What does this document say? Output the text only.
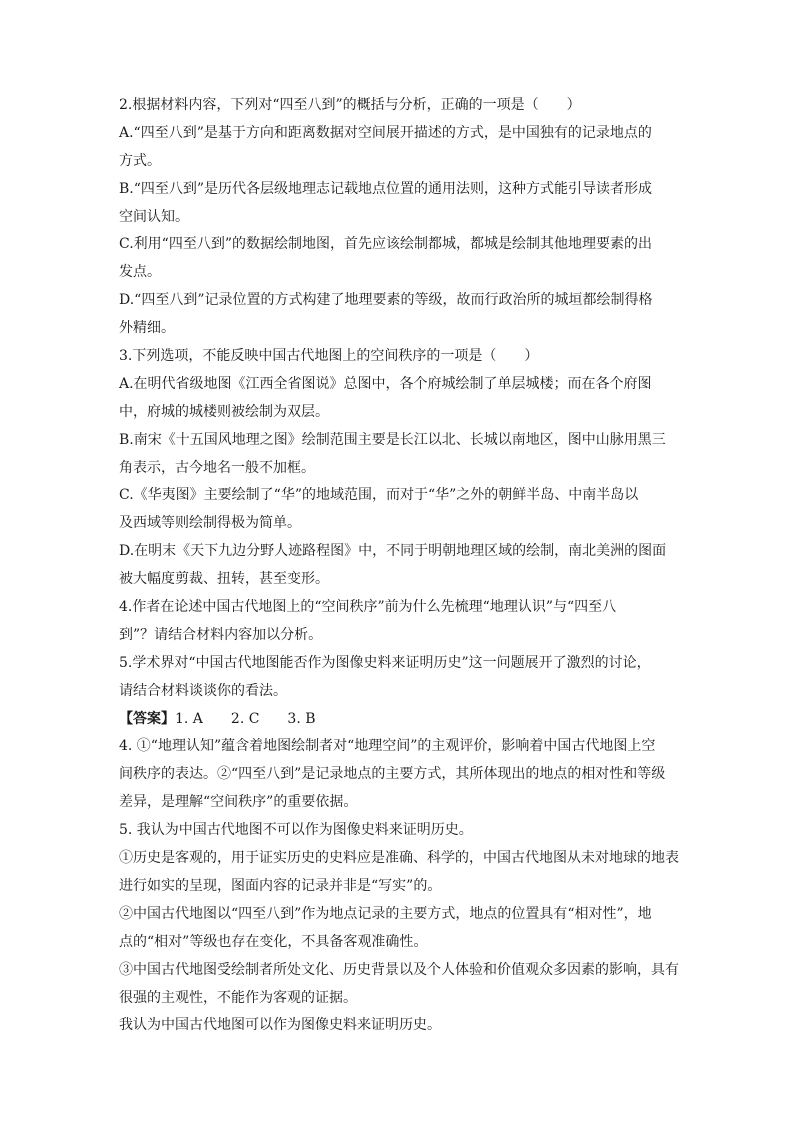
2.根据材料内容，下列对“四至八到”的概括与分析，正确的一项是（　　）
A.“四至八到”是基于方向和距离数据对空间展开描述的方式，是中国独有的记录地点的
方式。
B.“四至八到”是历代各层级地理志记载地点位置的通用法则，这种方式能引导读者形成
空间认知。
C.利用“四至八到”的数据绘制地图，首先应该绘制都城，都城是绘制其他地理要素的出
发点。
D.“四至八到”记录位置的方式构建了地理要素的等级，故而行政治所的城垣都绘制得格
外精细。
3.下列选项，不能反映中国古代地图上的空间秩序的一项是（　　）
A.在明代省级地图《江西全省图说》总图中，各个府城绘制了单层城楼；而在各个府图
中，府城的城楼则被绘制为双层。
B.南宋《十五国风地理之图》绘制范围主要是长江以北、长城以南地区，图中山脉用黑三
角表示，古今地名一般不加框。
C.《华夷图》主要绘制了“华”的地域范围，而对于“华”之外的朝鲜半岛、中南半岛以
及西域等则绘制得极为简单。
D.在明末《天下九边分野人迹路程图》中，不同于明朝地理区域的绘制，南北美洲的图面
被大幅度剪裁、扭转，甚至变形。
4.作者在论述中国古代地图上的“空间秩序”前为什么先梳理“地理认识”与“四至八
到”？请结合材料内容加以分析。
5.学术界对“中国古代地图能否作为图像史料来证明历史”这一问题展开了激烈的讨论，
请结合材料谈谈你的看法。
【答案】1. A　　2. C　　3. B
4. ①“地理认知”蕴含着地图绘制者对“地理空间”的主观评价，影响着中国古代地图上空
间秩序的表达。②“四至八到”是记录地点的主要方式，其所体现出的地点的相对性和等级
差异，是理解“空间秩序”的重要依据。
5. 我认为中国古代地图不可以作为图像史料来证明历史。
①历史是客观的，用于证实历史的史料应是准确、科学的，中国古代地图从未对地球的地表
进行如实的呈现，图面内容的记录并非是“写实”的。
②中国古代地图以“四至八到”作为地点记录的主要方式，地点的位置具有“相对性”，地
点的“相对”等级也存在变化，不具备客观准确性。
③中国古代地图受绘制者所处文化、历史背景以及个人体验和价值观众多因素的影响，具有
很强的主观性，不能作为客观的证据。
我认为中国古代地图可以作为图像史料来证明历史。
